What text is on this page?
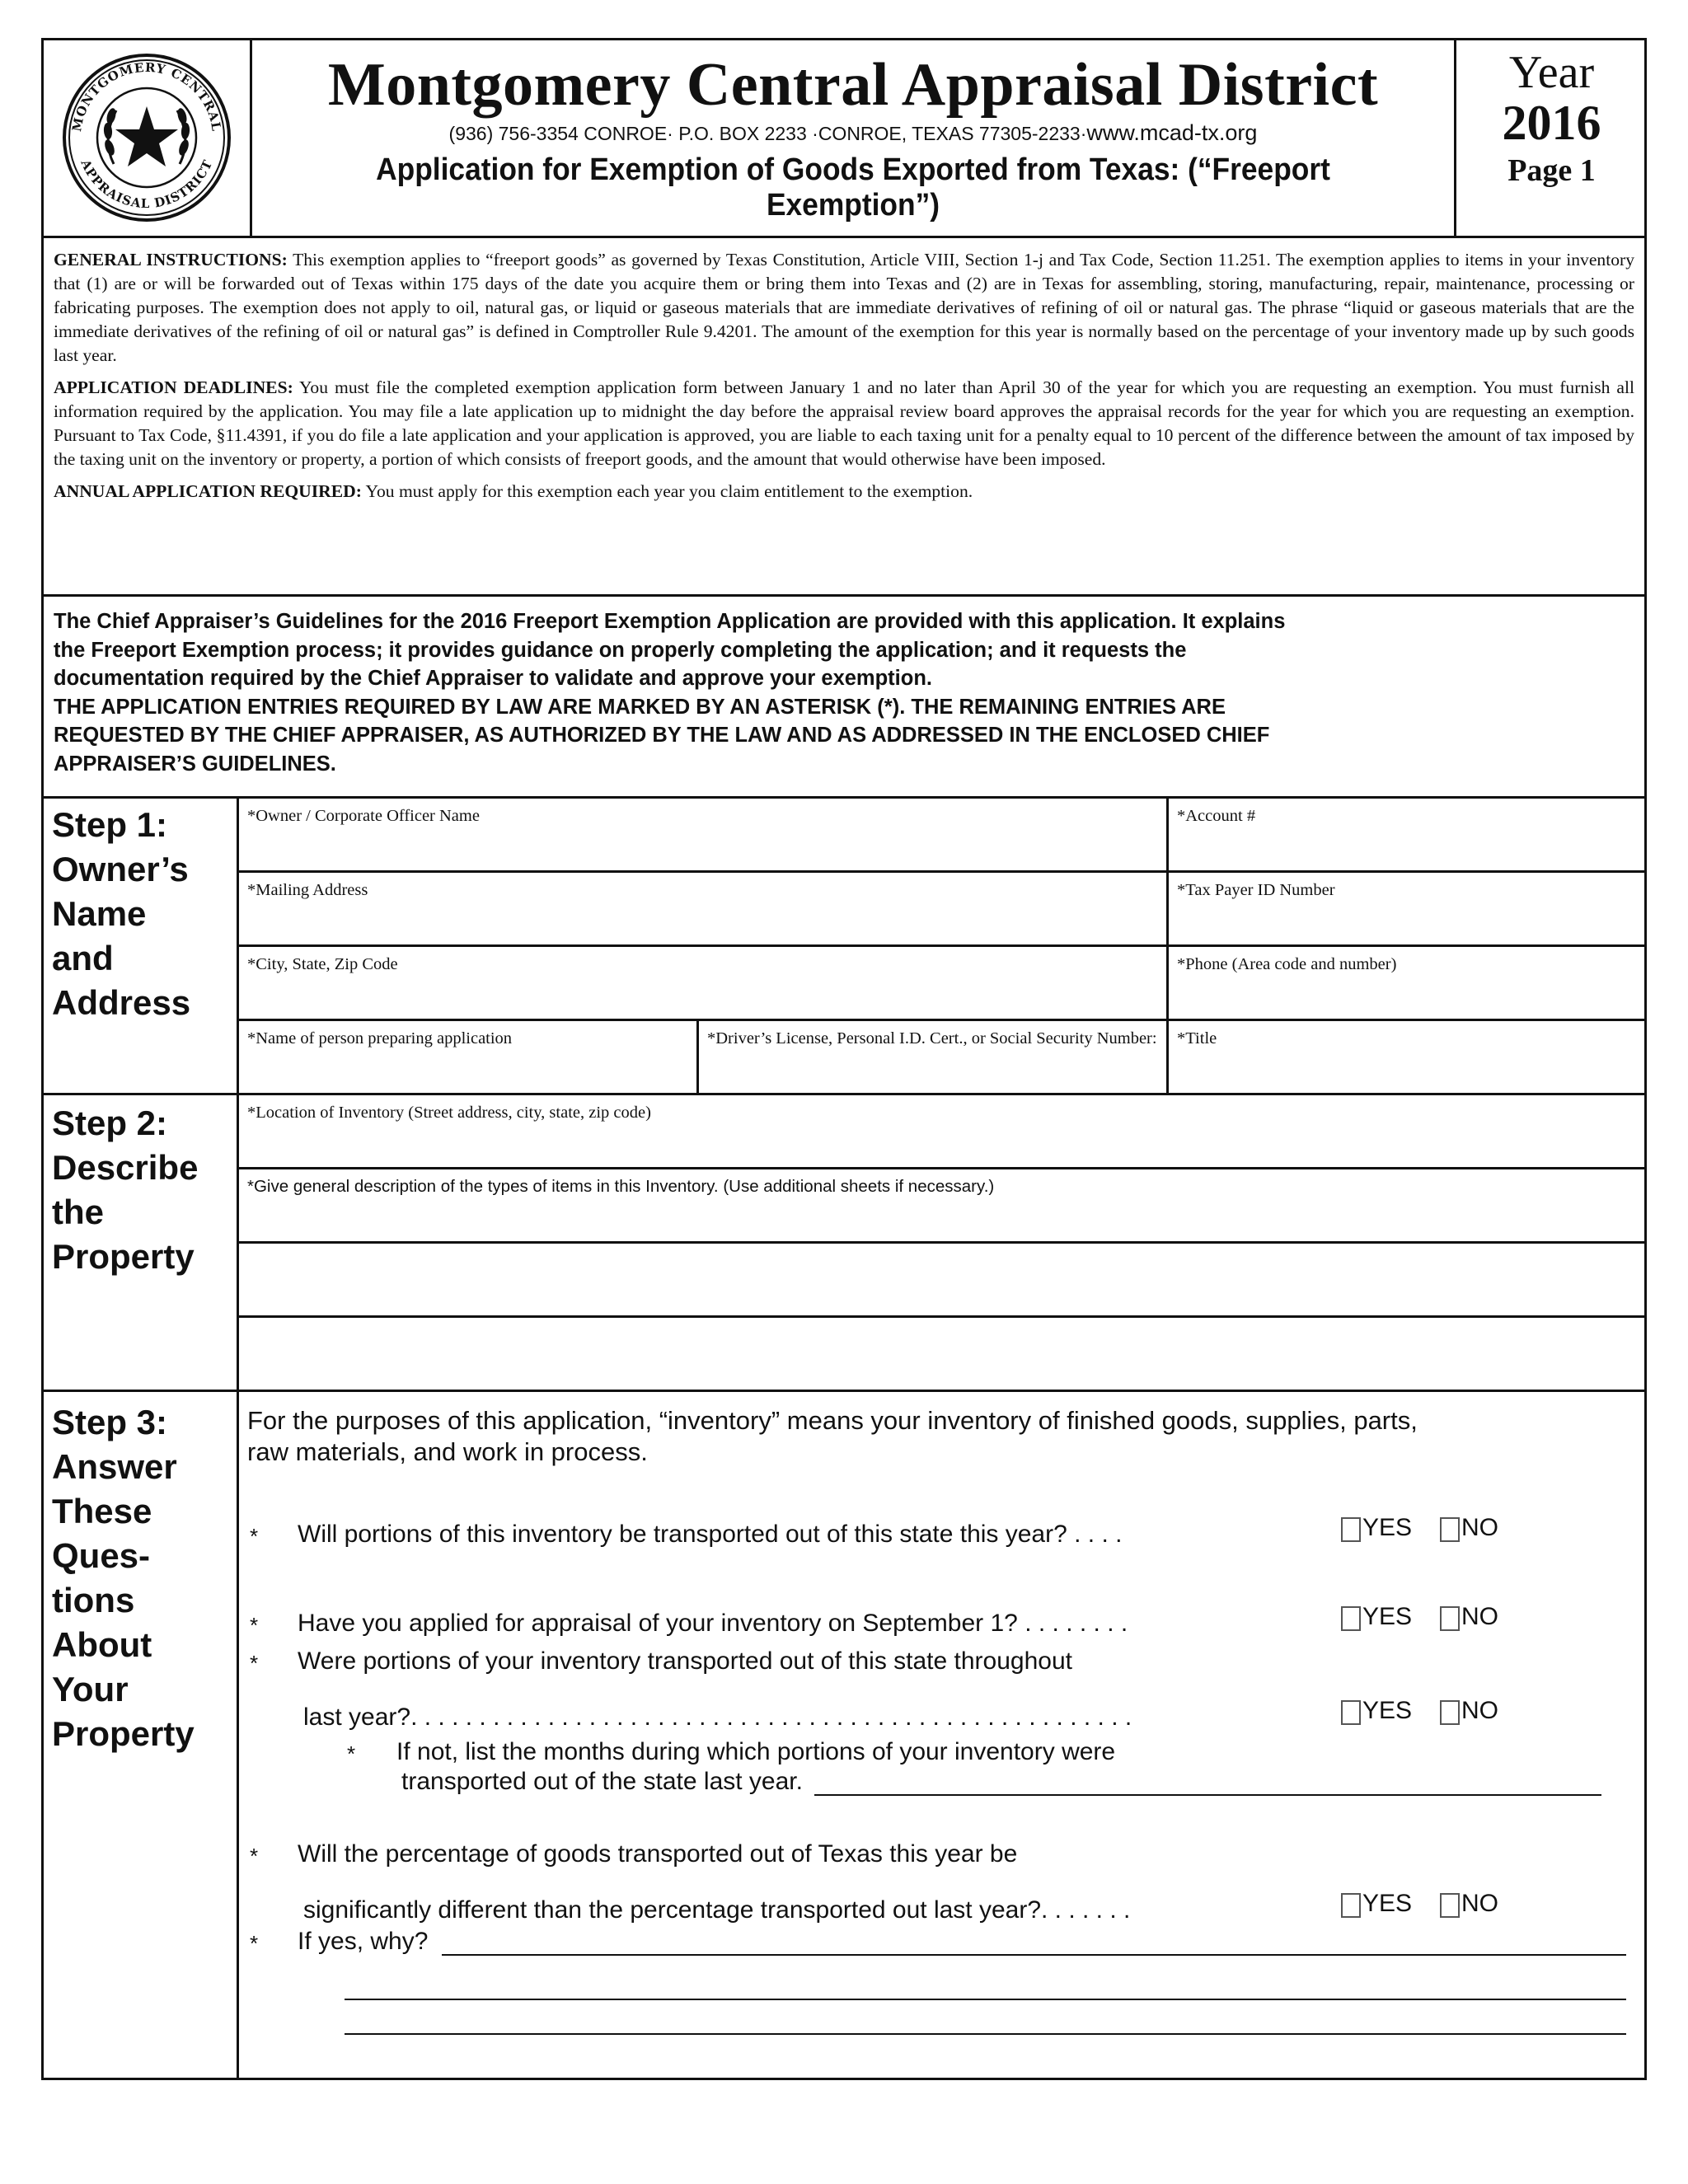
MONTGOMERY CENTRAL
APPRAISAL DISTRICT
Montgomery Central Appraisal District
(936) 756-3354 CONROE· P.O. BOX 2233 ·CONROE, TEXAS 77305-2233·www.mcad-tx.org
Application for Exemption of Goods Exported from Texas: (“Freeport Exemption”)
Year
2016
Page 1

GENERAL INSTRUCTIONS: This exemption applies to “freeport goods” as governed by Texas Constitution, Article VIII, Section 1-j and Tax Code, Section 11.251. The exemption applies to items in your inventory that (1) are or will be forwarded out of Texas within 175 days of the date you acquire them or bring them into Texas and (2) are in Texas for assembling, storing, manufacturing, repair, maintenance, processing or fabricating purposes. The exemption does not apply to oil, natural gas, or liquid or gaseous materials that are immediate derivatives of refining of oil or natural gas. The phrase “liquid or gaseous materials that are the immediate derivatives of the refining of oil or natural gas” is defined in Comptroller Rule 9.4201. The amount of the exemption for this year is normally based on the percentage of your inventory made up by such goods last year.

APPLICATION DEADLINES: You must file the completed exemption application form between January 1 and no later than April 30 of the year for which you are requesting an exemption. You must furnish all information required by the application. You may file a late application up to midnight the day before the appraisal review board approves the appraisal records for the year for which you are requesting an exemption. Pursuant to Tax Code, §11.4391, if you do file a late application and your application is approved, you are liable to each taxing unit for a penalty equal to 10 percent of the difference between the amount of tax imposed by the taxing unit on the inventory or property, a portion of which consists of freeport goods, and the amount that would otherwise have been imposed.

ANNUAL APPLICATION REQUIRED: You must apply for this exemption each year you claim entitlement to the exemption.

The Chief Appraiser’s Guidelines for the 2016 Freeport Exemption Application are provided with this application. It explains
the Freeport Exemption process; it provides guidance on properly completing the application; and it requests the
documentation required by the Chief Appraiser to validate and approve your exemption.
THE APPLICATION ENTRIES REQUIRED BY LAW ARE MARKED BY AN ASTERISK (*). THE REMAINING ENTRIES ARE
REQUESTED BY THE CHIEF APPRAISER, AS AUTHORIZED BY THE LAW AND AS ADDRESSED IN THE ENCLOSED CHIEF
APPRAISER’S GUIDELINES.
Step 1:
Owner’s
Name
and
Address
*Owner / Corporate Officer Name	*Account #
*Mailing Address	*Tax Payer ID Number
*City, State, Zip Code	*Phone (Area code and number)
*Name of person preparing application	*Driver’s License, Personal I.D. Cert., or Social Security Number:	*Title
Step 2:
Describe
the
Property
*Location of Inventory (Street address, city, state, zip code)
*Give general description of the types of items in this Inventory. (Use additional sheets if necessary.)
Step 3:
Answer
These
Ques-
tions
About
Your
Property
For the purposes of this application, “inventory” means your inventory of finished goods, supplies, parts,
raw materials, and work in process.
* Will portions of this inventory be transported out of this state this year? . . . .	YES NO
* Have you applied for appraisal of your inventory on September 1? . . . . . . . .	YES NO
* Were portions of your inventory transported out of this state throughout
last year?. . . . . . . . . . . . . . . . . . . . . . . . . . . . . . . . . . . . . . . . . . . . . . . . . . . . .	YES NO
* If not, list the months during which portions of your inventory were
transported out of the state last year.
* Will the percentage of goods transported out of Texas this year be
significantly different than the percentage transported out last year?. . . . . . .	YES NO
* If yes, why?
